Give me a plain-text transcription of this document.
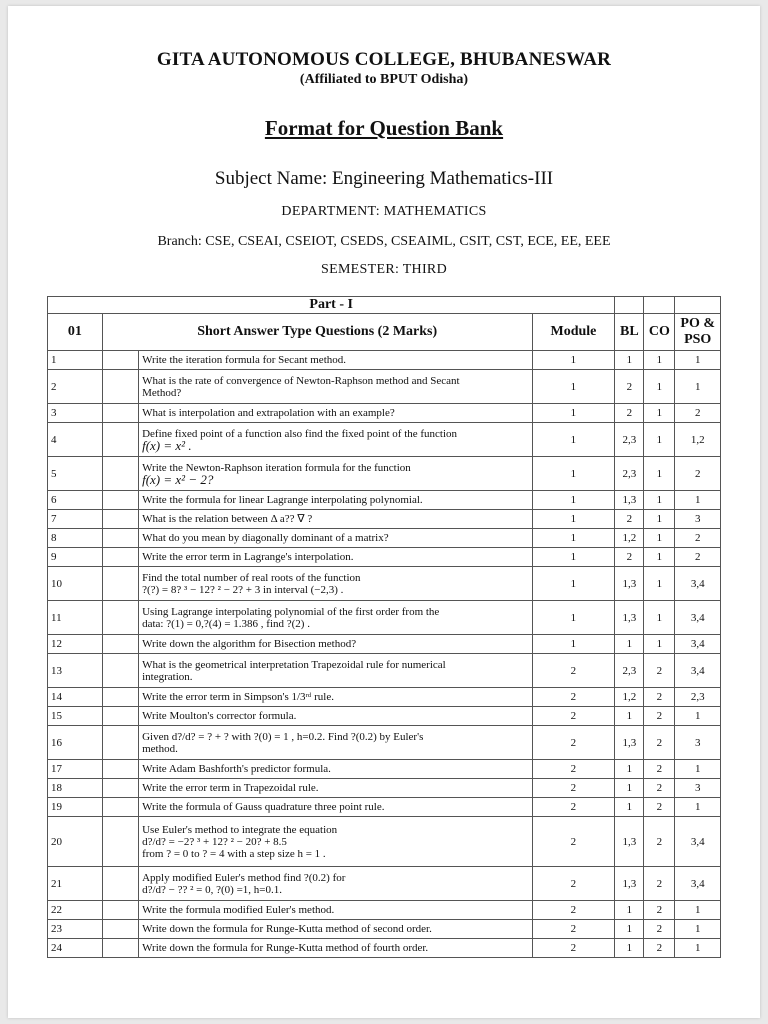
GITA AUTONOMOUS COLLEGE, BHUBANESWAR
(Affiliated to BPUT Odisha)
Format for Question Bank
Subject Name: Engineering Mathematics-III
DEPARTMENT: MATHEMATICS
Branch: CSE, CSEAI, CSEIOT, CSEDS, CSEAIML, CSIT, CST, ECE, EE, EEE
SEMESTER: THIRD
Part - I						
01	Short Answer Type Questions (2 Marks)		Module	BL	CO	PO & PSO
1		Write the iteration formula for Secant method.	1	1	1	1
2		What is the rate of convergence of Newton-Raphson method and Secant
Method?	1	2	1	1
3		What is interpolation and extrapolation with an example?	1	2	1	2
4		Define fixed point of a function also find the fixed point of the function
f(x) = x² .	1	2,3	1	1,2
5		Write the Newton-Raphson iteration formula for the function
f(x) = x² − 2?	1	2,3	1	2
6		Write the formula for linear Lagrange interpolating polynomial.	1	1,3	1	1
7		What is the relation between Δ a?? ∇ ?	1	2	1	3
8		What do you mean by diagonally dominant of a matrix?	1	1,2	1	2
9		Write the error term in Lagrange's interpolation.	1	2	1	2
10		Find the total number of real roots of the function
?(?) = 8? ³ − 12? ² − 2? + 3 in interval (−2,3) .	1	1,3	1	3,4
11		Using Lagrange interpolating polynomial of the first order from the
data: ?(1) = 0,?(4) = 1.386 , find ?(2) .	1	1,3	1	3,4
12		Write down the algorithm for Bisection method?	1	1	1	3,4
13		What is the geometrical interpretation Trapezoidal rule for numerical
integration.	2	2,3	2	3,4
14		Write the error term in Simpson's 1/3ʳᵈ rule.	2	1,2	2	2,3
15		Write Moulton's corrector formula.	2	1	2	1
16		Given d?/d? = ? + ? with ?(0) = 1 , h=0.2. Find ?(0.2) by Euler's
method.	2	1,3	2	3
17		Write Adam Bashforth's predictor formula.	2	1	2	1
18		Write the error term in Trapezoidal rule.	2	1	2	3
19		Write the formula of Gauss quadrature three point rule.	2	1	2	1
20		Use Euler's method to integrate the equation
d?/d? = −2? ³ + 12? ² − 20? + 8.5
from ? = 0 to ? = 4 with a step size h = 1 .	2	1,3	2	3,4
21		Apply modified Euler's method find ?(0.2) for
d?/d? − ?? ² = 0, ?(0) =1, h=0.1.	2	1,3	2	3,4
22		Write the formula modified Euler's method.	2	1	2	1
23		Write down the formula for Runge-Kutta method of second order.	2	1	2	1
24		Write down the formula for Runge-Kutta method of fourth order.	2	1	2	1
